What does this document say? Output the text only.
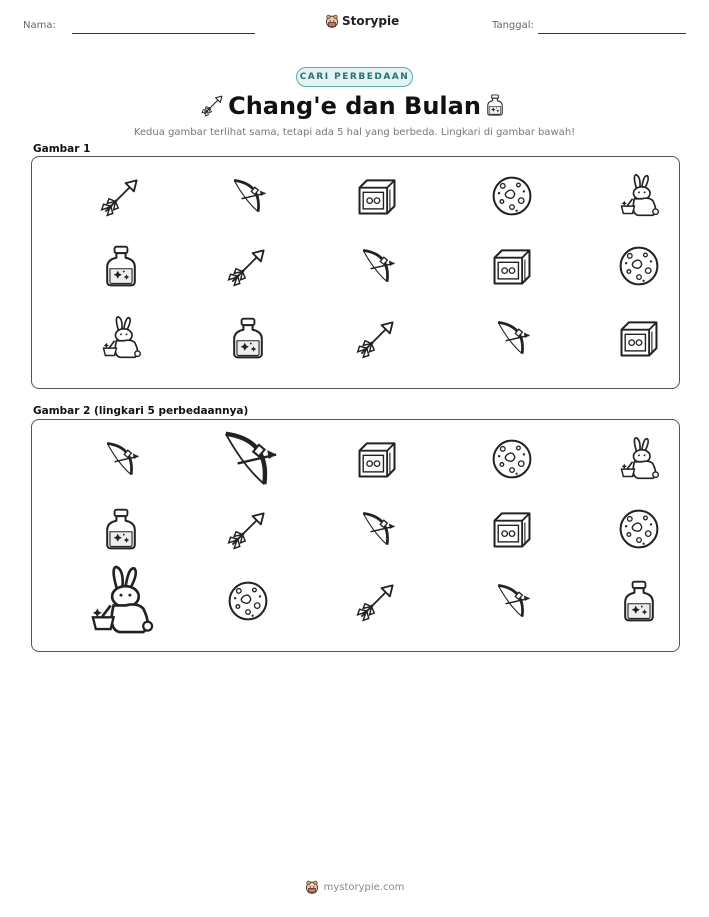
Nama:	Storypie	Tanggal:
CARI PERBEDAAN
Chang'e dan Bulan
Kedua gambar terlihat sama, tetapi ada 5 hal yang berbeda. Lingkari di gambar bawah!
Gambar 1
Gambar 2 (lingkari 5 perbedaannya)
mystorypie.com
